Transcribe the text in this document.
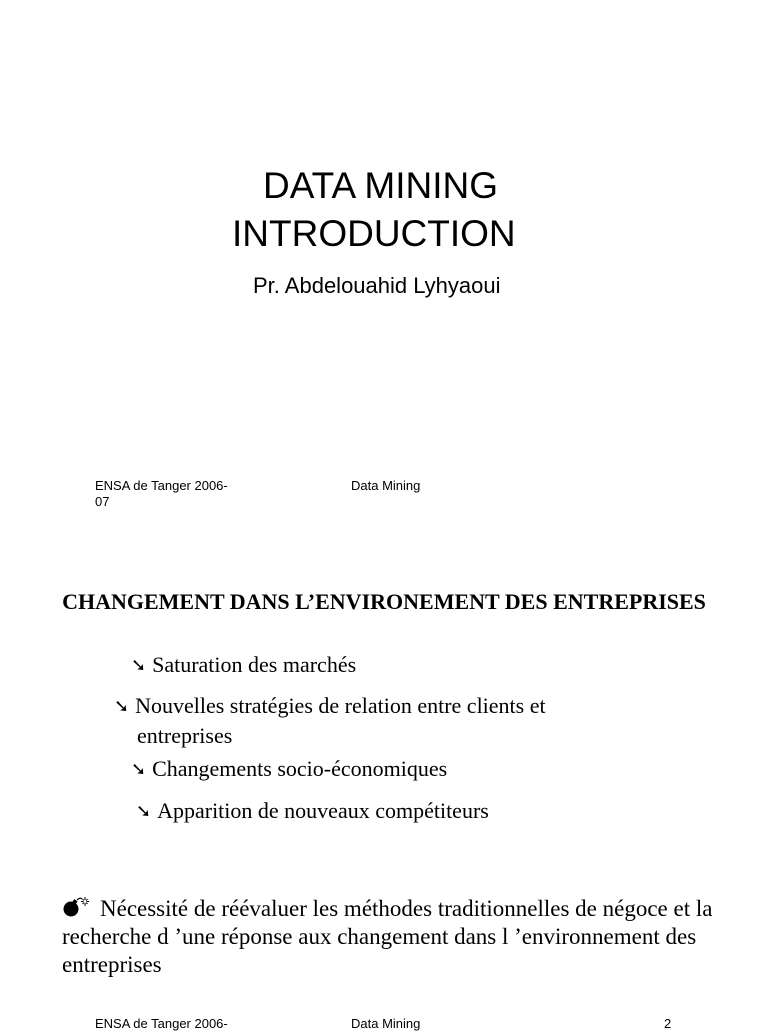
DATA MINING
INTRODUCTION
Pr. Abdelouahid Lyhyaoui
ENSA de Tanger 2006-07
Data Mining
CHANGEMENT DANS L’ENVIRONEMENT DES ENTREPRISES
➘ Saturation des marchés
➘ Nouvelles stratégies de relation entre clients et
entreprises
➘ Changements socio-économiques
➘ Apparition de nouveaux compétiteurs
Nécessité de réévaluer les méthodes traditionnelles de négoce et la recherche d ’une réponse aux changement dans l ’environnement des entreprises
ENSA de Tanger 2006-	Data Mining	2
